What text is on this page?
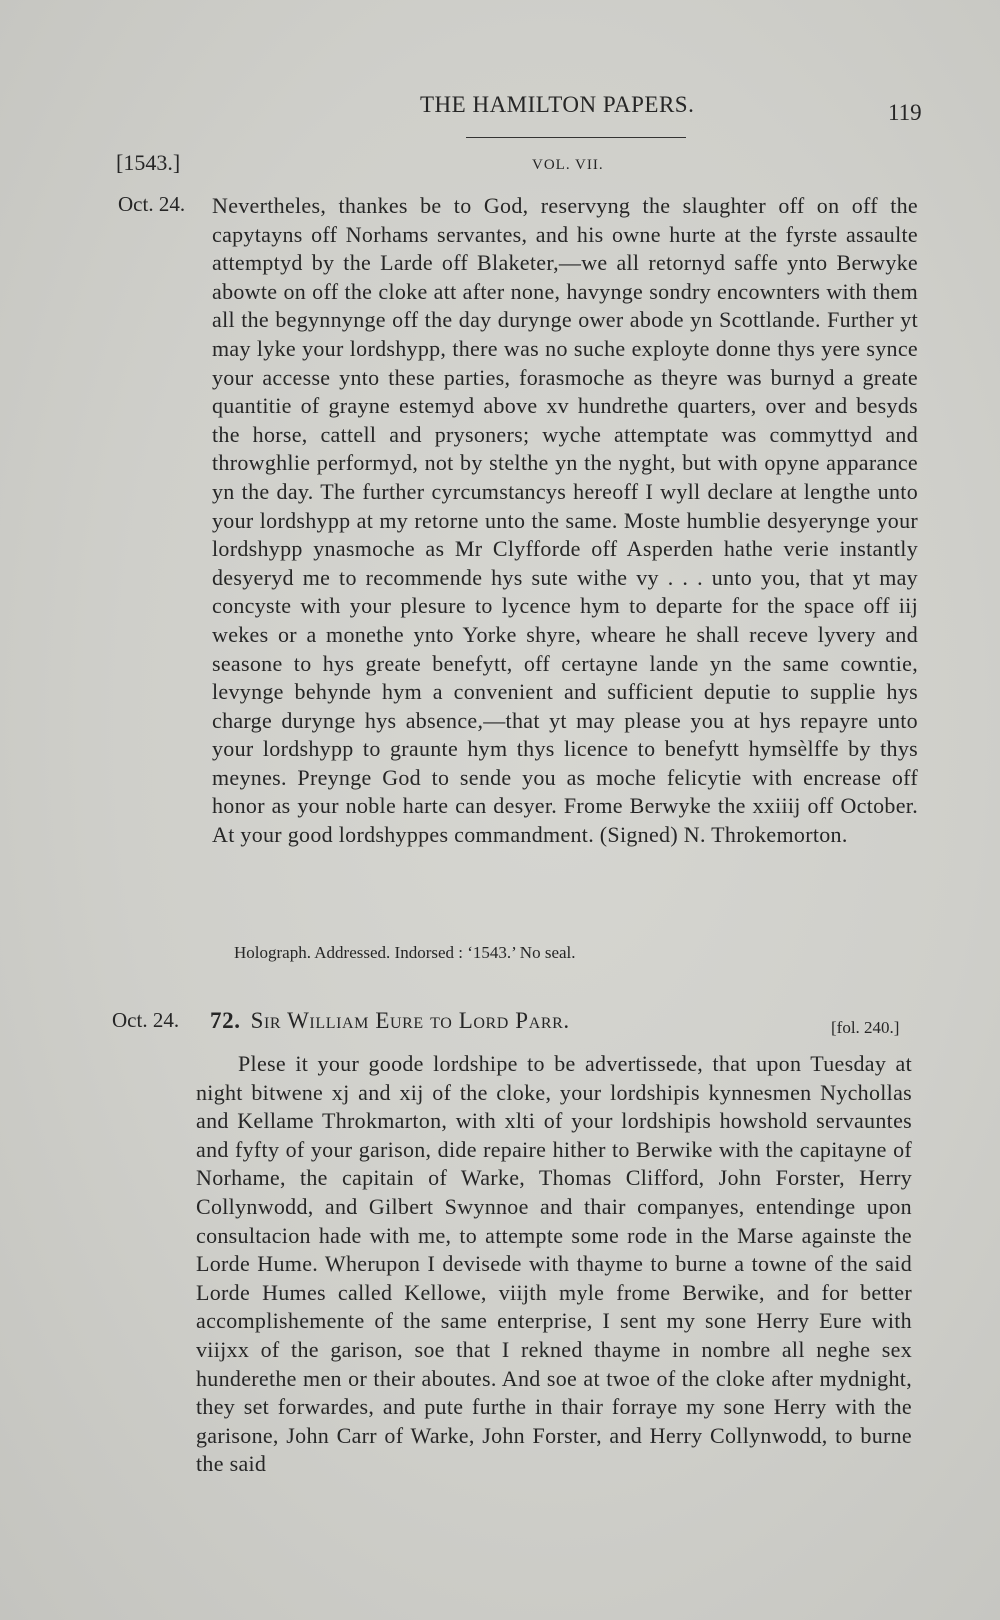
THE HAMILTON PAPERS.	119
[1543.]	VOL. VII.
Oct. 24. Nevertheles, thankes be to God, reservyng the slaughter off on off the capytayns off Norhams servantes, and his owne hurte at the fyrste assaulte attemptyd by the Larde off Blaketer,—we all retornyd saffe ynto Berwyke abowte on off the cloke att after none, havynge sondry encownters with them all the begynnynge off the day durynge ower abode yn Scottlande. Further yt may lyke your lordshypp, there was no suche exployte donne thys yere synce your accesse ynto these parties, forasmoche as theyre was burnyd a greate quantitie of grayne estemyd above xv hundrethe quarters, over and besyds the horse, cattell and prysoners; wyche attemptate was commyttyd and throwghlie performyd, not by stelthe yn the nyght, but with opyne apparance yn the day. The further cyrcumstancys hereoff I wyll declare at lengthe unto your lordshypp at my retorne unto the same. Moste humblie desyerynge your lordshypp ynasmoche as Mr Clyfforde off Asperden hathe verie instantly desyeryd me to recommende hys sute withe vy . . . unto you, that yt may concyste with your plesure to lycence hym to departe for the space off iij wekes or a monethe ynto Yorke shyre, wheare he shall receve lyvery and seasone to hys greate benefytt, off certayne lande yn the same cowntie, levynge behynde hym a convenient and sufficient deputie to supplie hys charge durynge hys absence,—that yt may please you at hys repayre unto your lordshypp to graunte hym thys licence to benefytt hymsèlffe by thys meynes. Preynge God to sende you as moche felicytie with encrease off honor as your noble harte can desyer. Frome Berwyke the xxiiij off October. At your good lordshyppes commandment. (Signed) N. Throkemorton.
Holograph. Addressed. Indorsed : ‘1543.’ No seal.
Oct. 24. 72. Sir William Eure to Lord Parr.	[fol. 240.]
Plese it your goode lordshipe to be advertissede, that upon Tuesday at night bitwene xj and xij of the cloke, your lordshipis kynnesmen Nychollas and Kellame Throkmarton, with xlti of your lordshipis howshold servauntes and fyfty of your garison, dide repaire hither to Berwike with the capitayne of Norhame, the capitain of Warke, Thomas Clifford, John Forster, Herry Collynwodd, and Gilbert Swynnoe and thair companyes, entendinge upon consultacion hade with me, to attempte some rode in the Marse againste the Lorde Hume. Wherupon I devisede with thayme to burne a towne of the said Lorde Humes called Kellowe, viijth myle frome Berwike, and for better accomplishemente of the same enterprise, I sent my sone Herry Eure with viijxx of the garison, soe that I rekned thayme in nombre all neghe sex hunderethe men or their aboutes. And soe at twoe of the cloke after mydnight, they set forwardes, and pute furthe in thair forraye my sone Herry with the garisone, John Carr of Warke, John Forster, and Herry Collynwodd, to burne the said
